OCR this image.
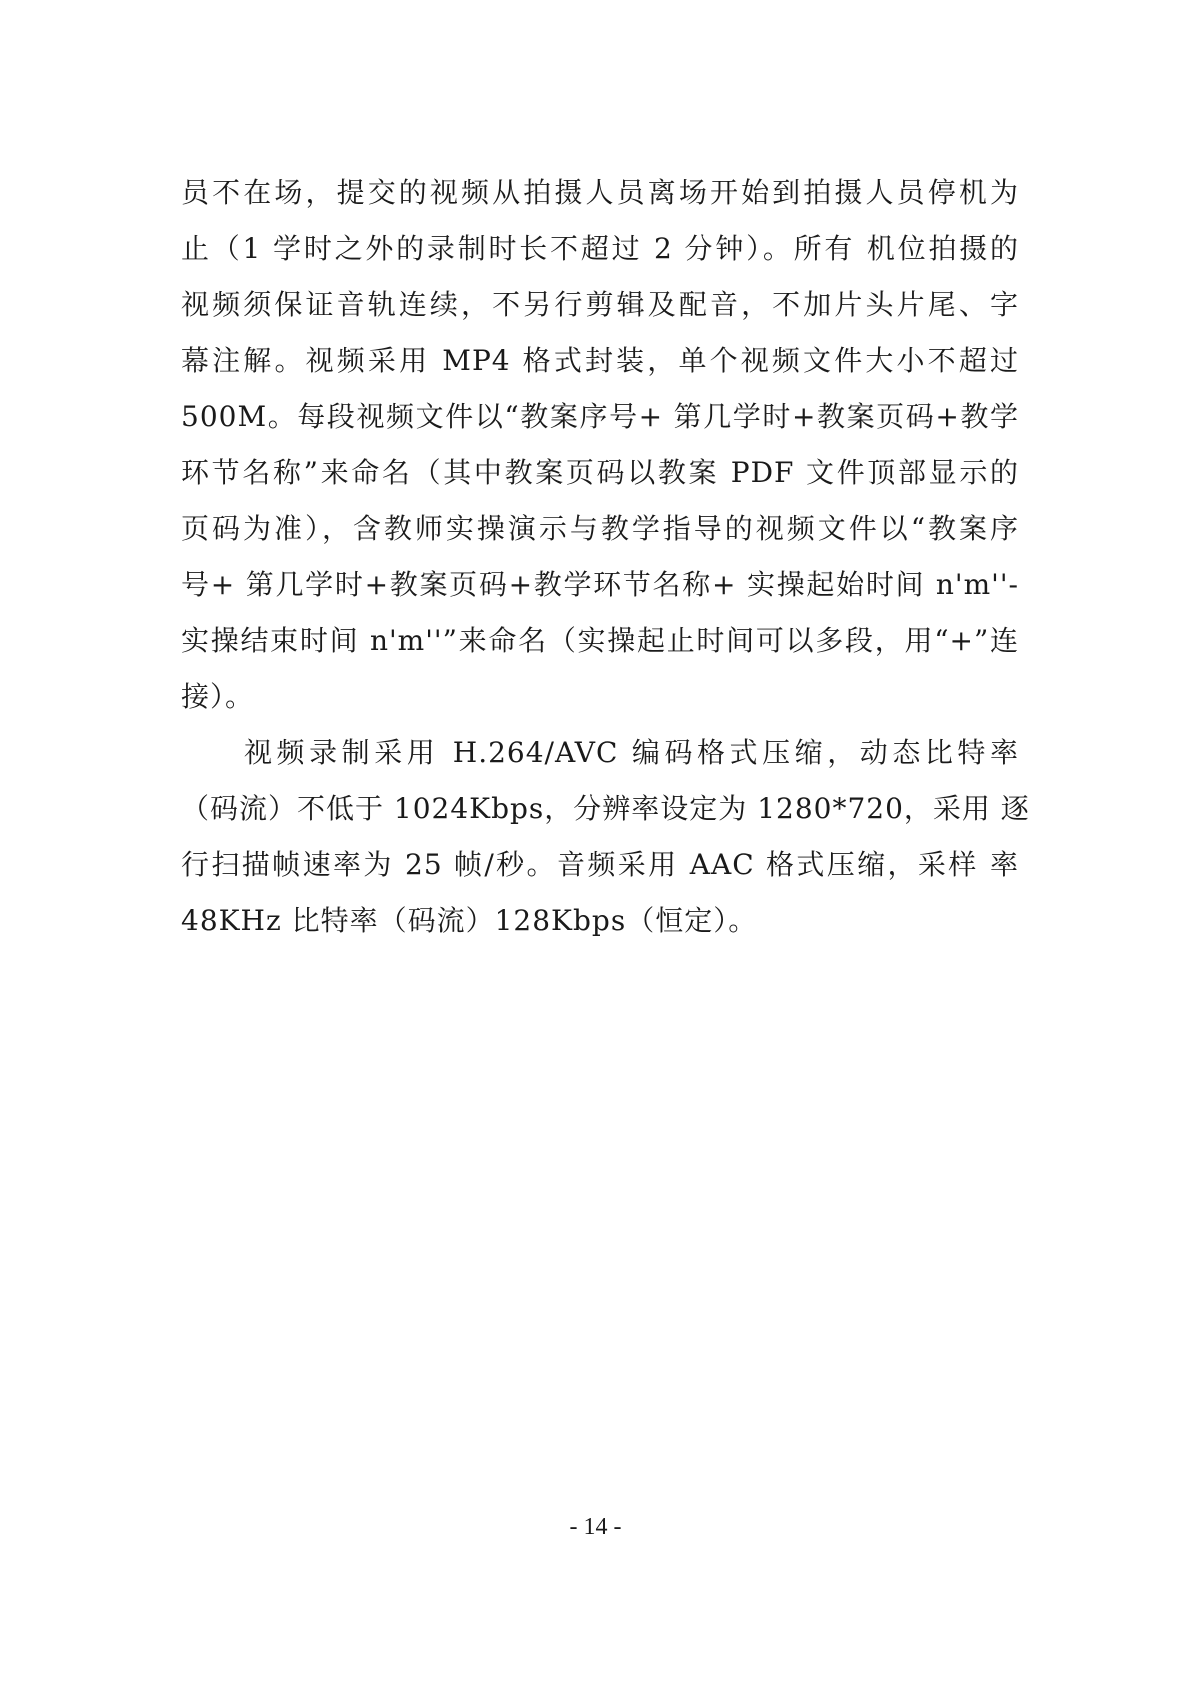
员不在场，提交的视频从拍摄人员离场开始到拍摄人员停机为
止（1 学时之外的录制时长不超过 2 分钟）。所有 机位拍摄的
视频须保证音轨连续，不另行剪辑及配音，不加片头片尾、字
幕注解。视频采用 MP4 格式封装，单个视频文件大小不超过
500M。每段视频文件以“教案序号+ 第几学时+教案页码+教学
环节名称”来命名（其中教案页码以教案 PDF 文件顶部显示的
页码为准），含教师实操演示与教学指导的视频文件以“教案序
号+ 第几学时+教案页码+教学环节名称+ 实操起始时间 n'm''-
实操结束时间 n'm''”来命名（实操起止时间可以多段，用“+”连
接）。
视频录制采用 H.264/AVC 编码格式压缩，动态比特率
（码流）不低于 1024Kbps，分辨率设定为 1280*720，采用 逐
行扫描帧速率为 25 帧/秒。音频采用 AAC 格式压缩，采样 率
48KHz 比特率（码流）128Kbps（恒定）。
- 14 -
